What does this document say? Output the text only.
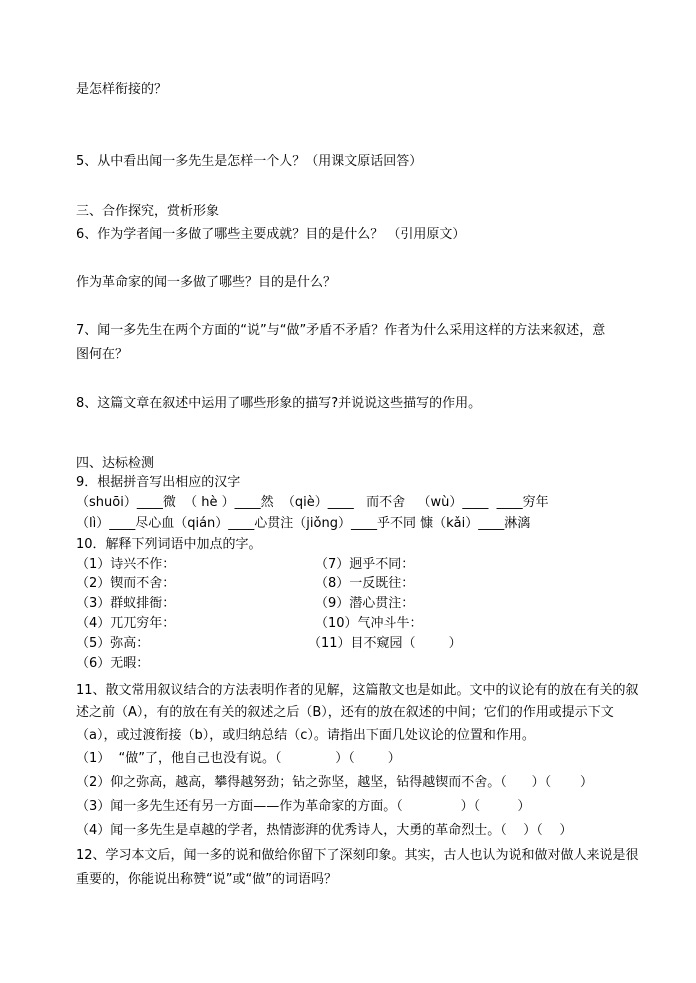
是怎样衔接的？
5、从中看出闻一多先生是怎样一个人？（用课文原话回答）
三、合作探究，赏析形象
6、作为学者闻一多做了哪些主要成就？目的是什么？ （引用原文）
作为革命家的闻一多做了哪些？目的是什么？
7、闻一多先生在两个方面的“说”与“做”矛盾不矛盾？作者为什么采用这样的方法来叙述，意
图何在？
8、这篇文章在叙述中运用了哪些形象的描写?并说说这些描写的作用。
四、达标检测
9．根据拼音写出相应的汉字
（shuōi）____微  （ hè ）____然  （qiè）____   而不舍   （wù）____  ____穷年
（lì）____尽心血（qián）____心贯注（jiǒng）____乎不同 慷（kǎi）____淋漓
10．解释下列词语中加点的字。
（1）诗兴不作：	（7）迥乎不同：
（2）锲而不舍：	（8）一反既往：
（3）群蚁排衙：	（9）潜心贯注：
（4）兀兀穷年：	（10）气冲斗牛：
（5）弥高：	（11）目不窥园（        ）
（6）无暇：
11、散文常用叙议结合的方法表明作者的见解，这篇散文也是如此。文中的议论有的放在有关的叙
述之前（A），有的放在有关的叙述之后（B），还有的放在叙述的中间；它们的作用或提示下文
（a），或过渡衔接（b），或归纳总结（c）。请指出下面几处议论的位置和作用。
（1）  “做”了，他自己也没有说。（             ）（        ）
（2）仰之弥高，越高，攀得越努劲；钻之弥坚，越坚，钻得越锲而不舍。（      ）（       ）
（3）闻一多先生还有另一方面——作为革命家的方面。（              ）（         ）
（4）闻一多先生是卓越的学者，热情澎湃的优秀诗人，大勇的革命烈士。（    ）（    ）
12、学习本文后，闻一多的说和做给你留下了深刻印象。其实，古人也认为说和做对做人来说是很
重要的，你能说出称赞“说”或“做”的词语吗？
